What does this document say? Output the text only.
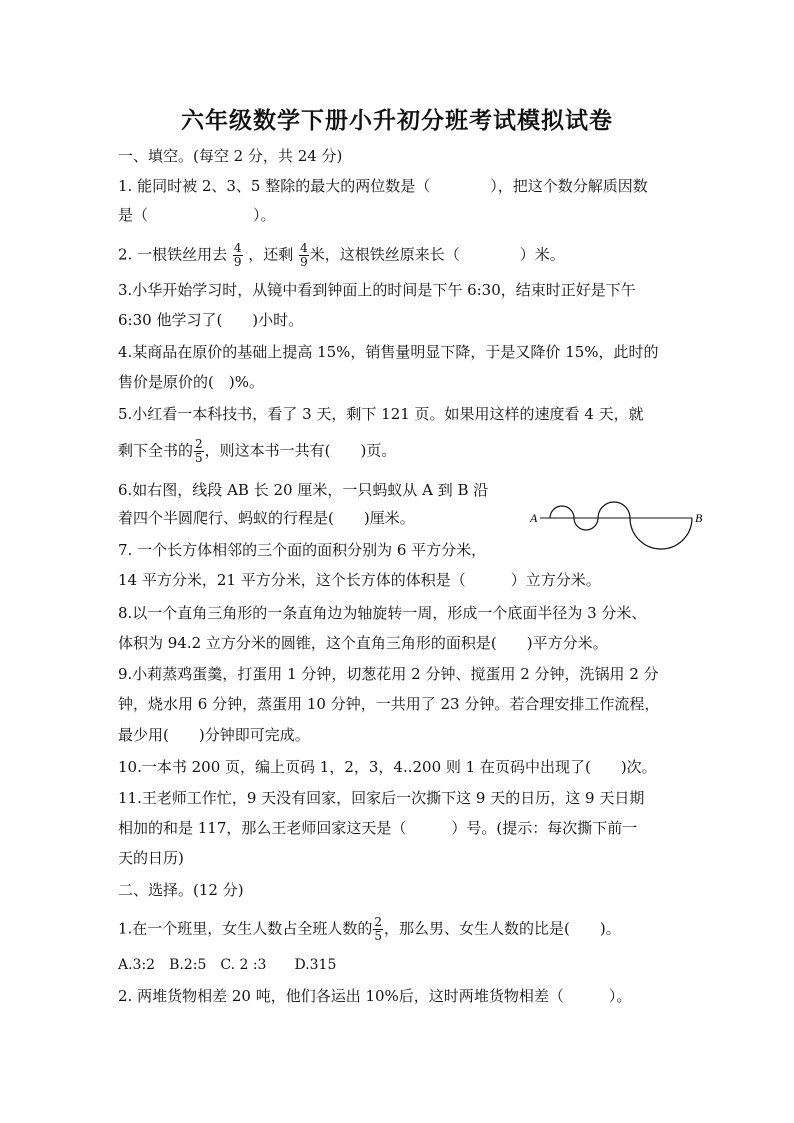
六年级数学下册小升初分班考试模拟试卷
一、填空。(每空 2 分，共 24 分)
1. 能同时被 2、3、5 整除的最大的两位数是（　　　　），把这个数分解质因数
是（　　　　　　　）。
2. 一根铁丝用去 $\frac{4}{9}$ ，还剩 $\frac{4}{9}$ 米，这根铁丝原来长（　　　　）米。
3.小华开始学习时，从镜中看到钟面上的时间是下午 6:30，结束时正好是下午
6:30 他学习了(　　)小时。
4.某商品在原价的基础上提高 15%，销售量明显下降，于是又降价 15%，此时的
售价是原价的(　)%。
5.小红看一本科技书，看了 3 天，剩下 121 页。如果用这样的速度看 4 天，就
剩下全书的 $\frac{2}{5}$ ，则这本书一共有(　　)页。
6.如右图，线段 AB 长 20 厘米，一只蚂蚁从 A 到 B 沿
着四个半圆爬行、蚂蚁的行程是(　　)厘米。	A	B
7. 一个长方体相邻的三个面的面积分别为 6 平方分米，
14 平方分米，21 平方分米，这个长方体的体积是（　　　）立方分米。
8.以一个直角三角形的一条直角边为轴旋转一周，形成一个底面半径为 3 分米、
体积为 94.2 立方分米的圆锥，这个直角三角形的面积是(　　)平方分米。
9.小莉蒸鸡蛋羹，打蛋用 1 分钟，切葱花用 2 分钟、搅蛋用 2 分钟，洗锅用 2 分
钟，烧水用 6 分钟，蒸蛋用 10 分钟，一共用了 23 分钟。若合理安排工作流程，
最少用(　　)分钟即可完成。
10.一本书 200 页，编上页码 1，2，3，4..200 则 1 在页码中出现了(　　)次。
11.王老师工作忙，9 天没有回家，回家后一次撕下这 9 天的日历，这 9 天日期
相加的和是 117，那么王老师回家这天是（　　　）号。(提示：每次撕下前一
天的日历)
二、选择。(12 分)
1.在一个班里，女生人数占全班人数的 $\frac{2}{5}$ ，那么男、女生人数的比是(　　)。
A.3:2　B.2:5　C. 2 :3　　D.315
2. 两堆货物相差 20 吨，他们各运出 10%后，这时两堆货物相差（　　　）。
